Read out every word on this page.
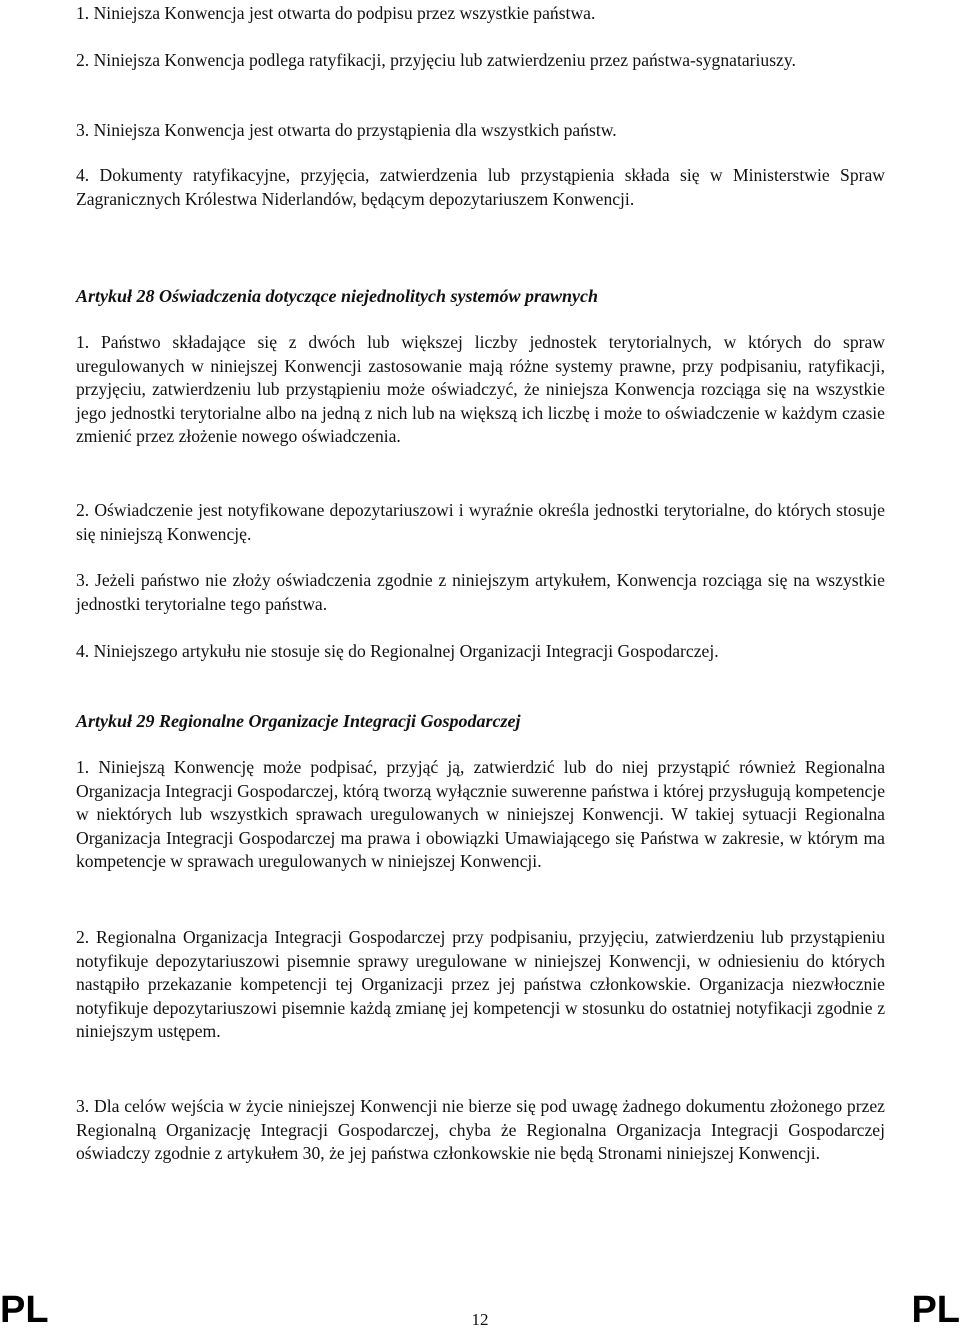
1. Niniejsza Konwencja jest otwarta do podpisu przez wszystkie państwa.

2. Niniejsza Konwencja podlega ratyfikacji, przyjęciu lub zatwierdzeniu przez państwa-sygnatariuszy.

3. Niniejsza Konwencja jest otwarta do przystąpienia dla wszystkich państw.

4. Dokumenty ratyfikacyjne, przyjęcia, zatwierdzenia lub przystąpienia składa się w Ministerstwie Spraw Zagranicznych Królestwa Niderlandów, będącym depozytariuszem Konwencji.

Artykuł 28 Oświadczenia dotyczące niejednolitych systemów prawnych

1. Państwo składające się z dwóch lub większej liczby jednostek terytorialnych, w których do spraw uregulowanych w niniejszej Konwencji zastosowanie mają różne systemy prawne, przy podpisaniu, ratyfikacji, przyjęciu, zatwierdzeniu lub przystąpieniu może oświadczyć, że niniejsza Konwencja rozciąga się na wszystkie jego jednostki terytorialne albo na jedną z nich lub na większą ich liczbę i może to oświadczenie w każdym czasie zmienić przez złożenie nowego oświadczenia.

2. Oświadczenie jest notyfikowane depozytariuszowi i wyraźnie określa jednostki terytorialne, do których stosuje się niniejszą Konwencję.

3. Jeżeli państwo nie złoży oświadczenia zgodnie z niniejszym artykułem, Konwencja rozciąga się na wszystkie jednostki terytorialne tego państwa.

4. Niniejszego artykułu nie stosuje się do Regionalnej Organizacji Integracji Gospodarczej.

Artykuł 29 Regionalne Organizacje Integracji Gospodarczej

1. Niniejszą Konwencję może podpisać, przyjąć ją, zatwierdzić lub do niej przystąpić również Regionalna Organizacja Integracji Gospodarczej, którą tworzą wyłącznie suwerenne państwa i której przysługują kompetencje w niektórych lub wszystkich sprawach uregulowanych w niniejszej Konwencji. W takiej sytuacji Regionalna Organizacja Integracji Gospodarczej ma prawa i obowiązki Umawiającego się Państwa w zakresie, w którym ma kompetencje w sprawach uregulowanych w niniejszej Konwencji.

2. Regionalna Organizacja Integracji Gospodarczej przy podpisaniu, przyjęciu, zatwierdzeniu lub przystąpieniu notyfikuje depozytariuszowi pisemnie sprawy uregulowane w niniejszej Konwencji, w odniesieniu do których nastąpiło przekazanie kompetencji tej Organizacji przez jej państwa członkowskie. Organizacja niezwłocznie notyfikuje depozytariuszowi pisemnie każdą zmianę jej kompetencji w stosunku do ostatniej notyfikacji zgodnie z niniejszym ustępem.

3. Dla celów wejścia w życie niniejszej Konwencji nie bierze się pod uwagę żadnego dokumentu złożonego przez Regionalną Organizację Integracji Gospodarczej, chyba że Regionalna Organizacja Integracji Gospodarczej oświadczy zgodnie z artykułem 30, że jej państwa członkowskie nie będą Stronami niniejszej Konwencji.

PL	12	PL
